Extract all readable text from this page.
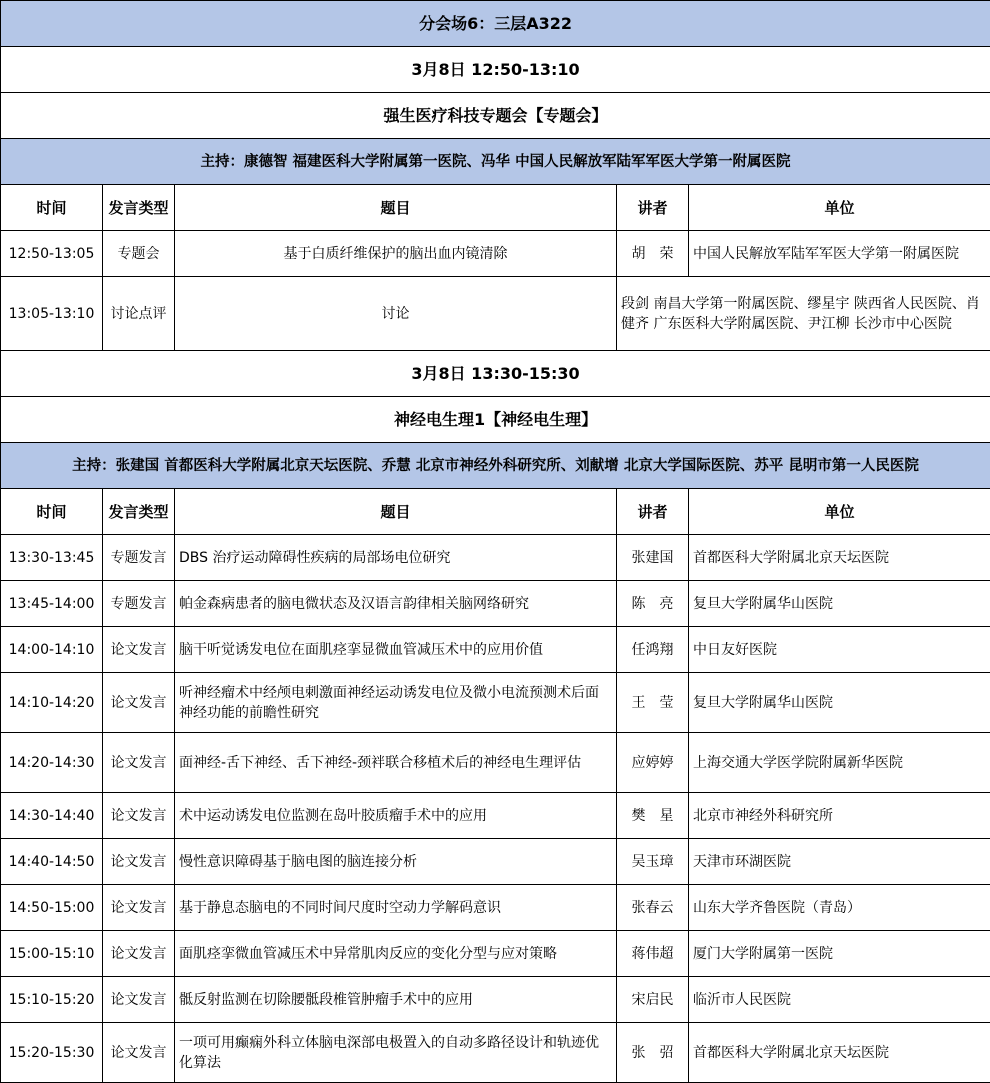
分会场6：三层A322				
3月8日 12:50-13:10				
强生医疗科技专题会【专题会】				
主持：康德智 福建医科大学附属第一医院、冯华 中国人民解放军陆军军医大学第一附属医院				
时间	发言类型	题目	讲者	单位
12:50-13:05	专题会	基于白质纤维保护的脑出血内镜清除	胡　荣	中国人民解放军陆军军医大学第一附属医院
13:05-13:10	讨论点评	讨论	段剑 南昌大学第一附属医院、缪星宇 陕西省人民医院、肖健齐 广东医科大学附属医院、尹江柳 长沙市中心医院	
3月8日 13:30-15:30				
神经电生理1【神经电生理】				
主持：张建国 首都医科大学附属北京天坛医院、乔慧 北京市神经外科研究所、刘献增 北京大学国际医院、苏平 昆明市第一人民医院				
时间	发言类型	题目	讲者	单位
13:30-13:45	专题发言	DBS 治疗运动障碍性疾病的局部场电位研究	张建国	首都医科大学附属北京天坛医院
13:45-14:00	专题发言	帕金森病患者的脑电微状态及汉语言韵律相关脑网络研究	陈　亮	复旦大学附属华山医院
14:00-14:10	论文发言	脑干听觉诱发电位在面肌痉挛显微血管减压术中的应用价值	任鸿翔	中日友好医院
14:10-14:20	论文发言	听神经瘤术中经颅电刺激面神经运动诱发电位及微小电流预测术后面神经功能的前瞻性研究	王　莹	复旦大学附属华山医院
14:20-14:30	论文发言	面神经-舌下神经、舌下神经-颈袢联合移植术后的神经电生理评估	应婷婷	上海交通大学医学院附属新华医院
14:30-14:40	论文发言	术中运动诱发电位监测在岛叶胶质瘤手术中的应用	樊　星	北京市神经外科研究所
14:40-14:50	论文发言	慢性意识障碍基于脑电图的脑连接分析	吴玉璋	天津市环湖医院
14:50-15:00	论文发言	基于静息态脑电的不同时间尺度时空动力学解码意识	张春云	山东大学齐鲁医院（青岛）
15:00-15:10	论文发言	面肌痉挛微血管减压术中异常肌肉反应的变化分型与应对策略	蒋伟超	厦门大学附属第一医院
15:10-15:20	论文发言	骶反射监测在切除腰骶段椎管肿瘤手术中的应用	宋启民	临沂市人民医院
15:20-15:30	论文发言	一项可用癫痫外科立体脑电深部电极置入的自动多路径设计和轨迹优化算法	张　弨	首都医科大学附属北京天坛医院
